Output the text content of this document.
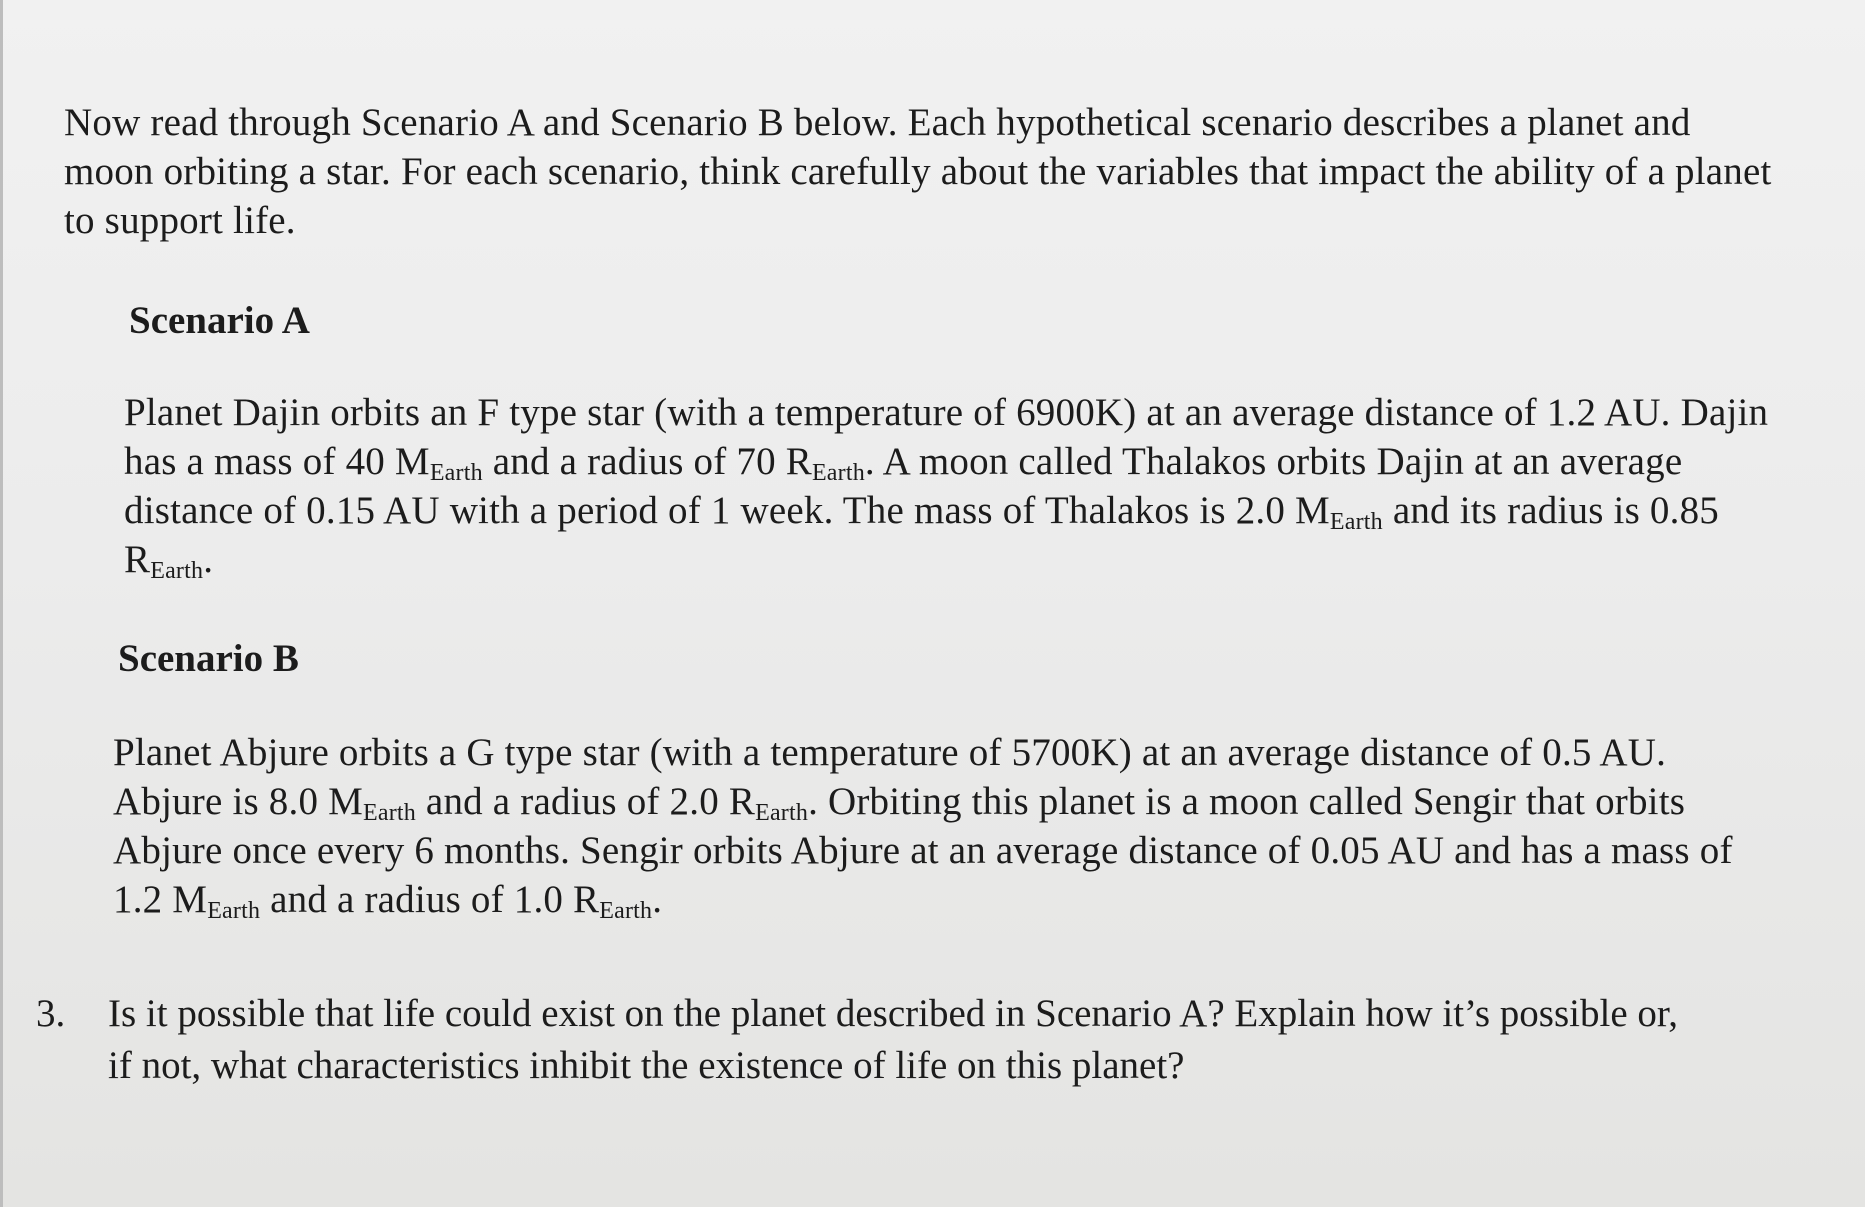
Now read through Scenario A and Scenario B below. Each hypothetical scenario describes a planet and moon orbiting a star. For each scenario, think carefully about the variables that impact the ability of a planet to support life.

Scenario A

Planet Dajin orbits an F type star (with a temperature of 6900K) at an average distance of 1.2 AU. Dajin has a mass of 40 $M_{Earth}$ and a radius of 70 $R_{Earth}$. A moon called Thalakos orbits Dajin at an average distance of 0.15 AU with a period of 1 week. The mass of Thalakos is 2.0 $M_{Earth}$ and its radius is 0.85 $R_{Earth}$.

Scenario B

Planet Abjure orbits a G type star (with a temperature of 5700K) at an average distance of 0.5 AU. Abjure is 8.0 $M_{Earth}$ and a radius of 2.0 $R_{Earth}$. Orbiting this planet is a moon called Sengir that orbits Abjure once every 6 months. Sengir orbits Abjure at an average distance of 0.05 AU and has a mass of 1.2 $M_{Earth}$ and a radius of 1.0 $R_{Earth}$.

3. Is it possible that life could exist on the planet described in Scenario A? Explain how it’s possible or, if not, what characteristics inhibit the existence of life on this planet?
